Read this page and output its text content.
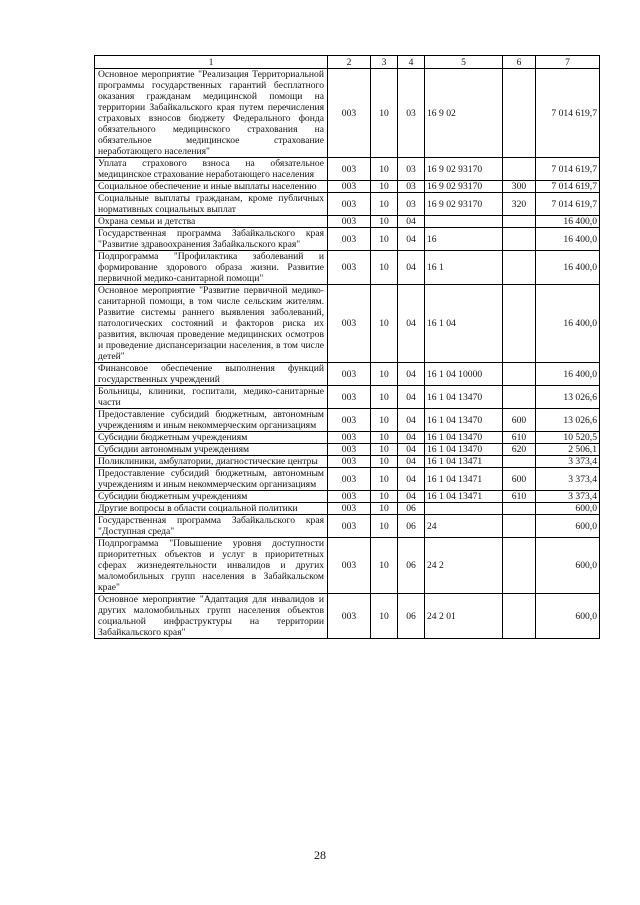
1	2	3	4	5	6	7
Основное мероприятие "Реализация Территориальной программы государственных гарантий бесплатного оказания гражданам медицинской помощи на территории Забайкальского края путем перечисления страховых взносов бюджету Федерального фонда обязательного медицинского страхования на обязательное медицинское страхование неработающего населения"	003	10	03	16 9 02		7 014 619,7
Уплата страхового взноса на обязательное медицинское страхование неработающего населения	003	10	03	16 9 02 93170		7 014 619,7
Социальное обеспечение и иные выплаты населению	003	10	03	16 9 02 93170	300	7 014 619,7
Социальные выплаты гражданам, кроме публичных нормативных социальных выплат	003	10	03	16 9 02 93170	320	7 014 619,7
Охрана семьи и детства	003	10	04			16 400,0
Государственная программа Забайкальского края "Развитие здравоохранения Забайкальского края"	003	10	04	16		16 400,0
Подпрограмма "Профилактика заболеваний и формирование здорового образа жизни. Развитие первичной медико-санитарной помощи"	003	10	04	16 1		16 400,0
Основное мероприятие "Развитие первичной медико-санитарной помощи, в том числе сельским жителям. Развитие системы раннего выявления заболеваний, патологических состояний и факторов риска их развития, включая проведение медицинских осмотров и проведение диспансеризации населения, в том числе детей"	003	10	04	16 1 04		16 400,0
Финансовое обеспечение выполнения функций государственных учреждений	003	10	04	16 1 04 10000		16 400,0
Больницы, клиники, госпитали, медико-санитарные части	003	10	04	16 1 04 13470		13 026,6
Предоставление субсидий бюджетным, автономным учреждениям и иным некоммерческим организациям	003	10	04	16 1 04 13470	600	13 026,6
Субсидии бюджетным учреждениям	003	10	04	16 1 04 13470	610	10 520,5
Субсидии автономным учреждениям	003	10	04	16 1 04 13470	620	2 506,1
Поликлиники, амбулатории, диагностические центры	003	10	04	16 1 04 13471		3 373,4
Предоставление субсидий бюджетным, автономным учреждениям и иным некоммерческим организациям	003	10	04	16 1 04 13471	600	3 373,4
Субсидии бюджетным учреждениям	003	10	04	16 1 04 13471	610	3 373,4
Другие вопросы в области социальной политики	003	10	06			600,0
Государственная программа Забайкальского края "Доступная среда"	003	10	06	24		600,0
Подпрограмма "Повышение уровня доступности приоритетных объектов и услуг в приоритетных сферах жизнедеятельности инвалидов и других маломобильных групп населения в Забайкальском крае"	003	10	06	24 2		600,0
Основное мероприятие "Адаптация для инвалидов и других маломобильных групп населения объектов социальной инфраструктуры на территории Забайкальского края"	003	10	06	24 2 01		600,0
28
